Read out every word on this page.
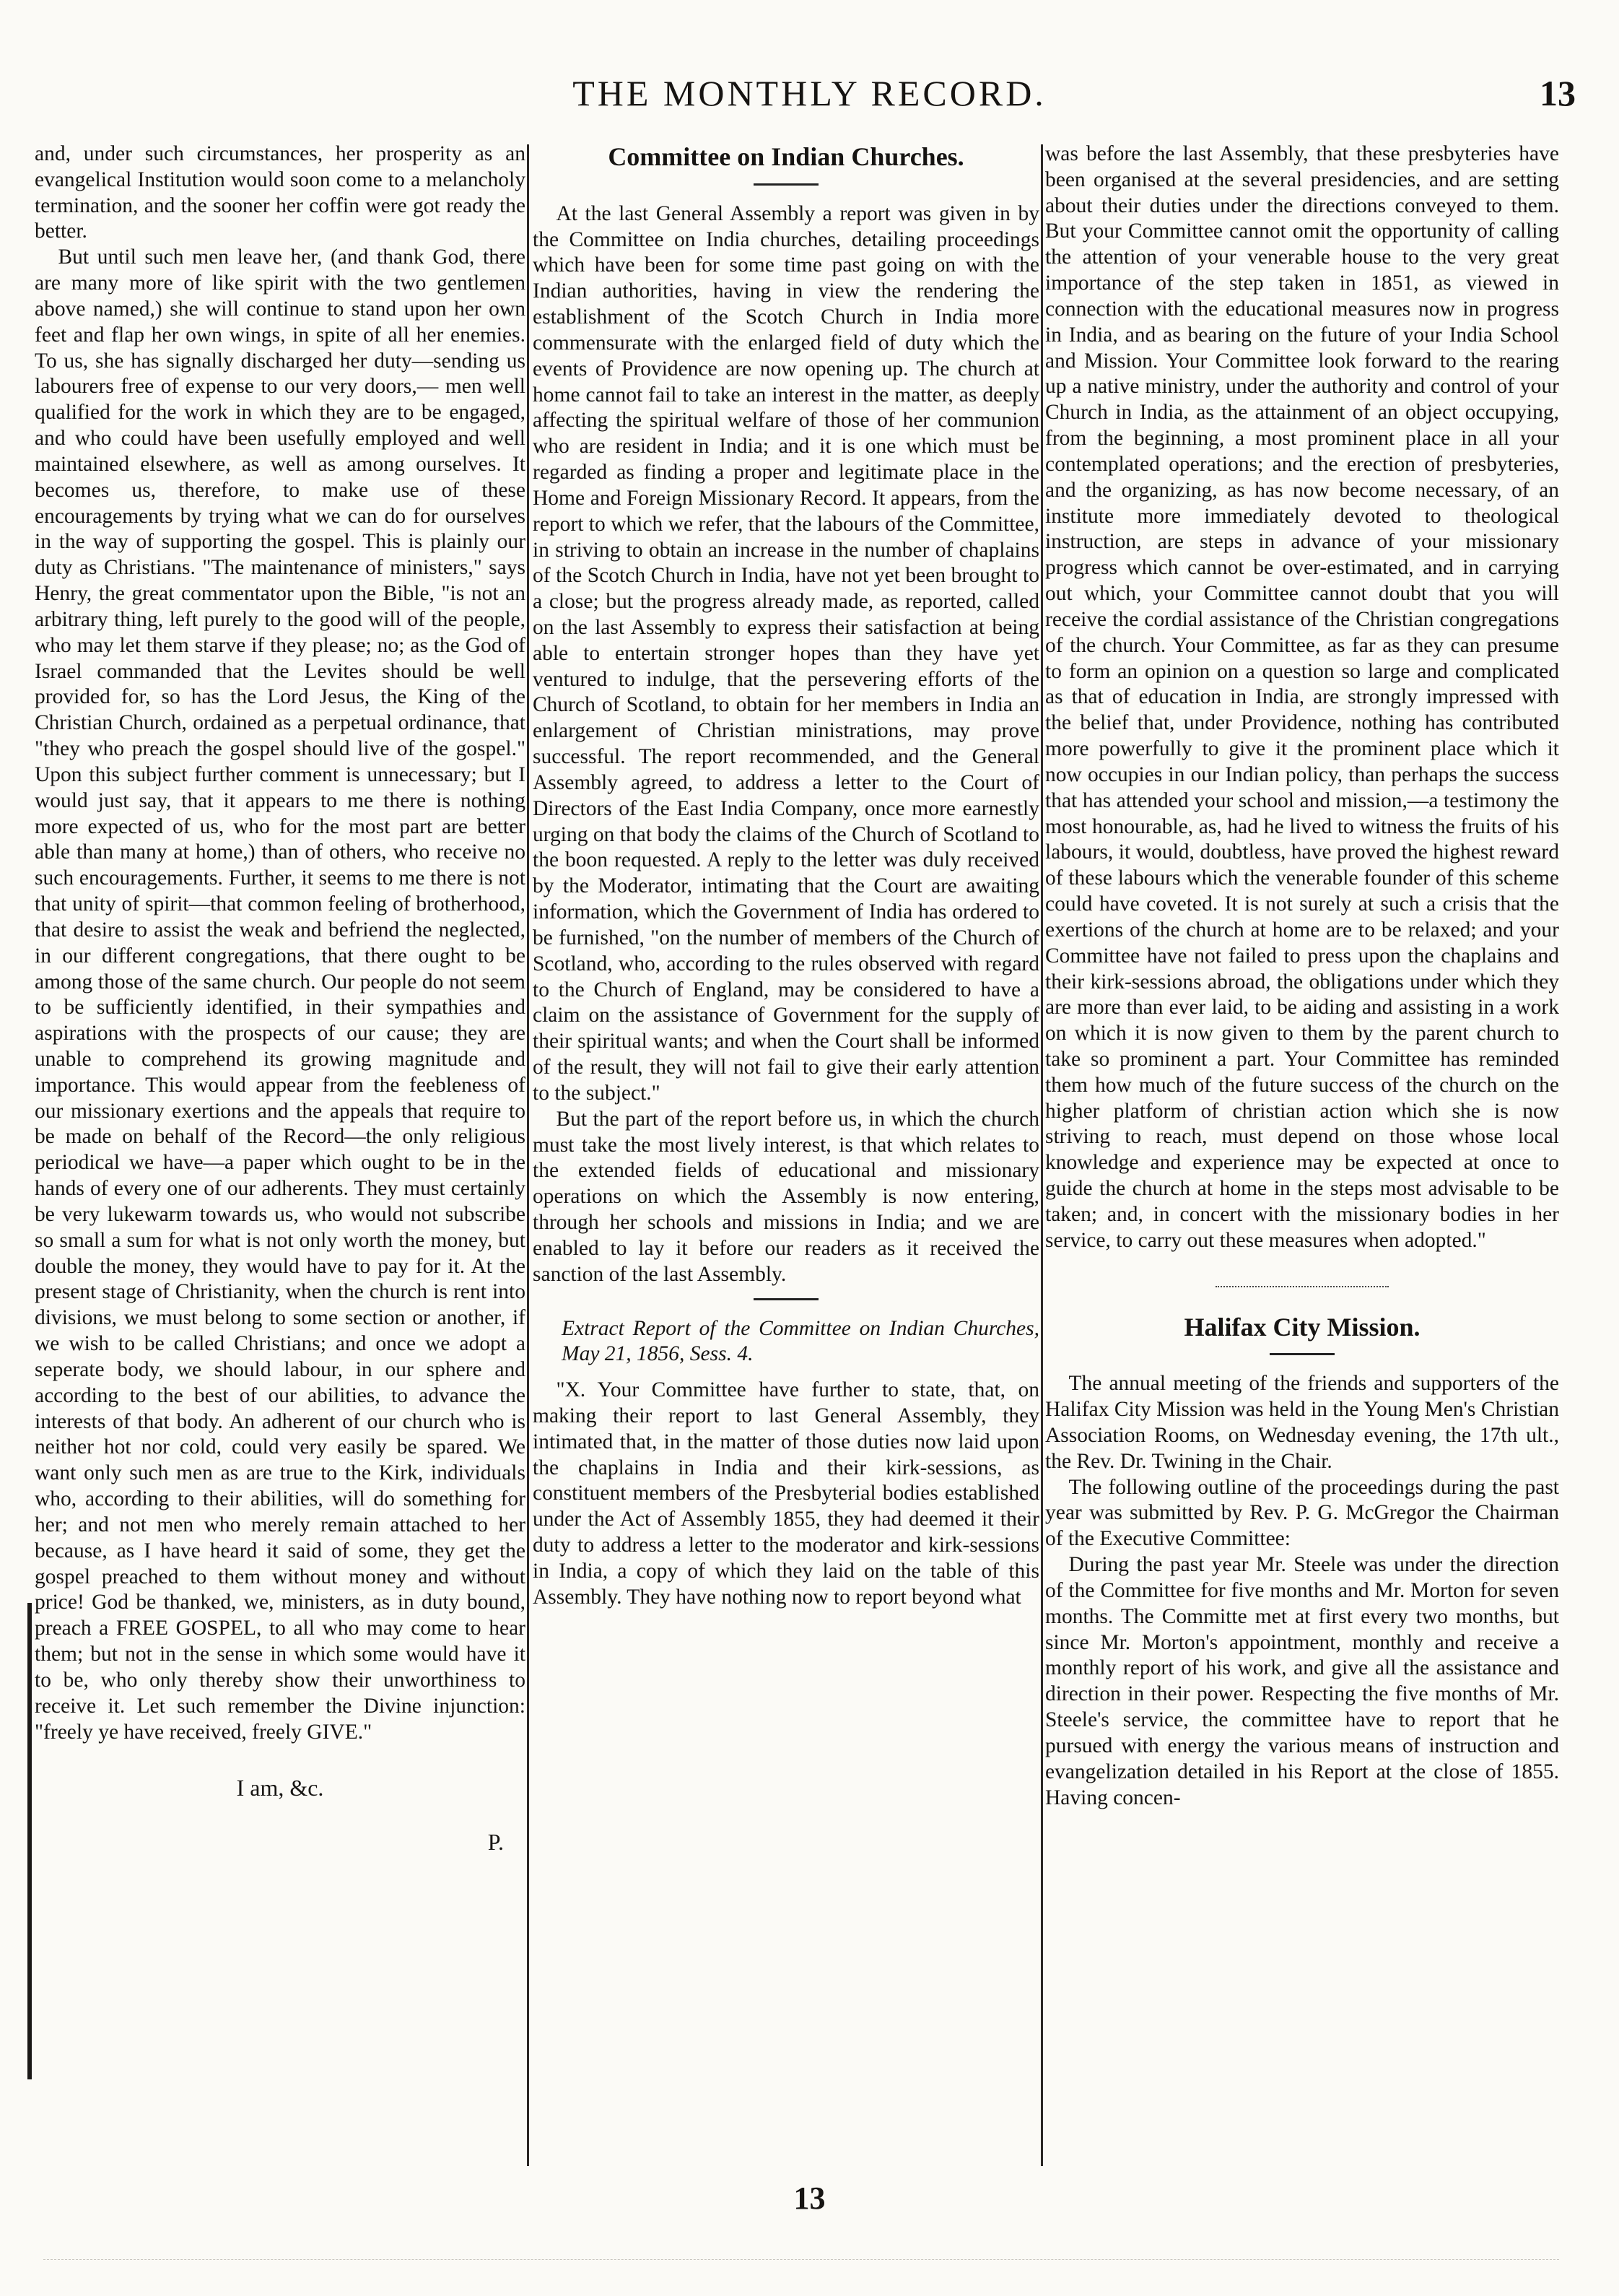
THE MONTHLY RECORD.	13

and, under such circumstances, her prosperity as an evangelical Institution would soon come to a melancholy termination, and the sooner her coffin were got ready the better.

But until such men leave her, (and thank God, there are many more of like spirit with the two gentlemen above named,) she will continue to stand upon her own feet and flap her own wings, in spite of all her enemies. To us, she has signally discharged her duty—sending us labourers free of expense to our very doors,— men well qualified for the work in which they are to be engaged, and who could have been usefully employed and well maintained elsewhere, as well as among ourselves. It becomes us, therefore, to make use of these encouragements by trying what we can do for ourselves in the way of supporting the gospel. This is plainly our duty as Christians. "The maintenance of ministers," says Henry, the great commentator upon the Bible, "is not an arbitrary thing, left purely to the good will of the people, who may let them starve if they please; no; as the God of Israel commanded that the Levites should be well provided for, so has the Lord Jesus, the King of the Christian Church, ordained as a perpetual ordinance, that "they who preach the gospel should live of the gospel." Upon this subject further comment is unnecessary; but I would just say, that it appears to me there is nothing more expected of us, who for the most part are better able than many at home,) than of others, who receive no such encouragements. Further, it seems to me there is not that unity of spirit—that common feeling of brotherhood, that desire to assist the weak and befriend the neglected, in our different congregations, that there ought to be among those of the same church. Our people do not seem to be sufficiently identified, in their sympathies and aspirations with the prospects of our cause; they are unable to comprehend its growing magnitude and importance. This would appear from the feebleness of our missionary exertions and the appeals that require to be made on behalf of the Record—the only religious periodical we have—a paper which ought to be in the hands of every one of our adherents. They must certainly be very lukewarm towards us, who would not subscribe so small a sum for what is not only worth the money, but double the money, they would have to pay for it. At the present stage of Christianity, when the church is rent into divisions, we must belong to some section or another, if we wish to be called Christians; and once we adopt a seperate body, we should labour, in our sphere and according to the best of our abilities, to advance the interests of that body. An adherent of our church who is neither hot nor cold, could very easily be spared. We want only such men as are true to the Kirk, individuals who, according to their abilities, will do something for her; and not men who merely remain attached to her because, as I have heard it said of some, they get the gospel preached to them without money and without price! God be thanked, we, ministers, as in duty bound, preach a FREE GOSPEL, to all who may come to hear them; but not in the sense in which some would have it to be, who only thereby show their unworthiness to receive it. Let such remember the Divine injunction: "freely ye have received, freely GIVE."

I am, &c.
P.
Committee on Indian Churches.

At the last General Assembly a report was given in by the Committee on India churches, detailing proceedings which have been for some time past going on with the Indian authorities, having in view the rendering the establishment of the Scotch Church in India more commensurate with the enlarged field of duty which the events of Providence are now opening up. The church at home cannot fail to take an interest in the matter, as deeply affecting the spiritual welfare of those of her communion who are resident in India; and it is one which must be regarded as finding a proper and legitimate place in the Home and Foreign Missionary Record. It appears, from the report to which we refer, that the labours of the Committee, in striving to obtain an increase in the number of chaplains of the Scotch Church in India, have not yet been brought to a close; but the progress already made, as reported, called on the last Assembly to express their satisfaction at being able to entertain stronger hopes than they have yet ventured to indulge, that the persevering efforts of the Church of Scotland, to obtain for her members in India an enlargement of Christian ministrations, may prove successful. The report recommended, and the General Assembly agreed, to address a letter to the Court of Directors of the East India Company, once more earnestly urging on that body the claims of the Church of Scotland to the boon requested. A reply to the letter was duly received by the Moderator, intimating that the Court are awaiting information, which the Government of India has ordered to be furnished, "on the number of members of the Church of Scotland, who, according to the rules observed with regard to the Church of England, may be considered to have a claim on the assistance of Government for the supply of their spiritual wants; and when the Court shall be informed of the result, they will not fail to give their early attention to the subject."

But the part of the report before us, in which the church must take the most lively interest, is that which relates to the extended fields of educational and missionary operations on which the Assembly is now entering, through her schools and missions in India; and we are enabled to lay it before our readers as it received the sanction of the last Assembly.

Extract Report of the Committee on Indian Churches, May 21, 1856, Sess. 4.

"X. Your Committee have further to state, that, on making their report to last General Assembly, they intimated that, in the matter of those duties now laid upon the chaplains in India and their kirk-sessions, as constituent members of the Presbyterial bodies established under the Act of Assembly 1855, they had deemed it their duty to address a letter to the moderator and kirk-sessions in India, a copy of which they laid on the table of this Assembly. They have nothing now to report beyond what

was before the last Assembly, that these presbyteries have been organised at the several presidencies, and are setting about their duties under the directions conveyed to them. But your Committee cannot omit the opportunity of calling the attention of your venerable house to the very great importance of the step taken in 1851, as viewed in connection with the educational measures now in progress in India, and as bearing on the future of your India School and Mission. Your Committee look forward to the rearing up a native ministry, under the authority and control of your Church in India, as the attainment of an object occupying, from the beginning, a most prominent place in all your contemplated operations; and the erection of presbyteries, and the organizing, as has now become necessary, of an institute more immediately devoted to theological instruction, are steps in advance of your missionary progress which cannot be over-estimated, and in carrying out which, your Committee cannot doubt that you will receive the cordial assistance of the Christian congregations of the church. Your Committee, as far as they can presume to form an opinion on a question so large and complicated as that of education in India, are strongly impressed with the belief that, under Providence, nothing has contributed more powerfully to give it the prominent place which it now occupies in our Indian policy, than perhaps the success that has attended your school and mission,—a testimony the most honourable, as, had he lived to witness the fruits of his labours, it would, doubtless, have proved the highest reward of these labours which the venerable founder of this scheme could have coveted. It is not surely at such a crisis that the exertions of the church at home are to be relaxed; and your Committee have not failed to press upon the chaplains and their kirk-sessions abroad, the obligations under which they are more than ever laid, to be aiding and assisting in a work on which it is now given to them by the parent church to take so prominent a part. Your Committee has reminded them how much of the future success of the church on the higher platform of christian action which she is now striving to reach, must depend on those whose local knowledge and experience may be expected at once to guide the church at home in the steps most advisable to be taken; and, in concert with the missionary bodies in her service, to carry out these measures when adopted."

Halifax City Mission.

The annual meeting of the friends and supporters of the Halifax City Mission was held in the Young Men's Christian Association Rooms, on Wednesday evening, the 17th ult., the Rev. Dr. Twining in the Chair.

The following outline of the proceedings during the past year was submitted by Rev. P. G. McGregor the Chairman of the Executive Committee:

During the past year Mr. Steele was under the direction of the Committee for five months and Mr. Morton for seven months. The Committe met at first every two months, but since Mr. Morton's appointment, monthly and receive a monthly report of his work, and give all the assistance and direction in their power. Respecting the five months of Mr. Steele's service, the committee have to report that he pursued with energy the various means of instruction and evangelization detailed in his Report at the close of 1855. Having concen-

13
